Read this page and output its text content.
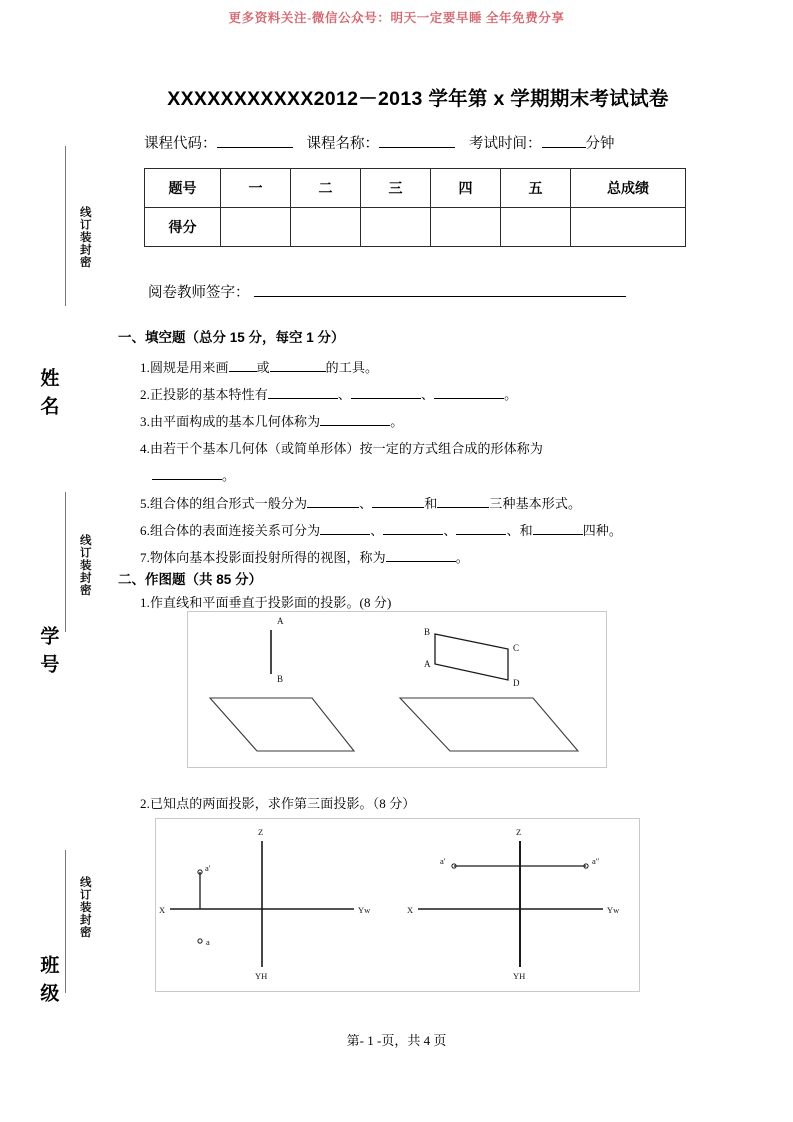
更多资料关注-微信公众号：明天一定要早睡 全年免费分享
线订装封密
姓名
线订装封密
学号
线订装封密
班级
XXXXXXXXXXX2012－2013 学年第 x 学期期末考试试卷
课程代码：	课程名称：	考试时间：	分钟
题号	一	二	三	四	五	总成绩
得分						
阅卷教师签字：
一、填空题（总分 15 分，每空 1 分）
1.圆规是用来画 或	的工具。
2.正投影的基本特性有	、	、	。
3.由平面构成的基本几何体称为	。
4.由若干个基本几何体（或简单形体）按一定的方式组合成的形体称为
。
5.组合体的组合形式一般分为	、	和	三种基本形式。
6.组合体的表面连接关系可分为	、	、	、和	四种。
7.物体向基本投影面投射所得的视图，称为	。
二、作图题（共 85 分）
1.作直线和平面垂直于投影面的投影。(8 分)
2.已知点的两面投影，求作第三面投影。（8 分）
A
B
B
C
A
D
Z
X	Yw
YH
a′
a
Z
X	Yw
YH
a′	a″
第- 1 -页，共 4 页
